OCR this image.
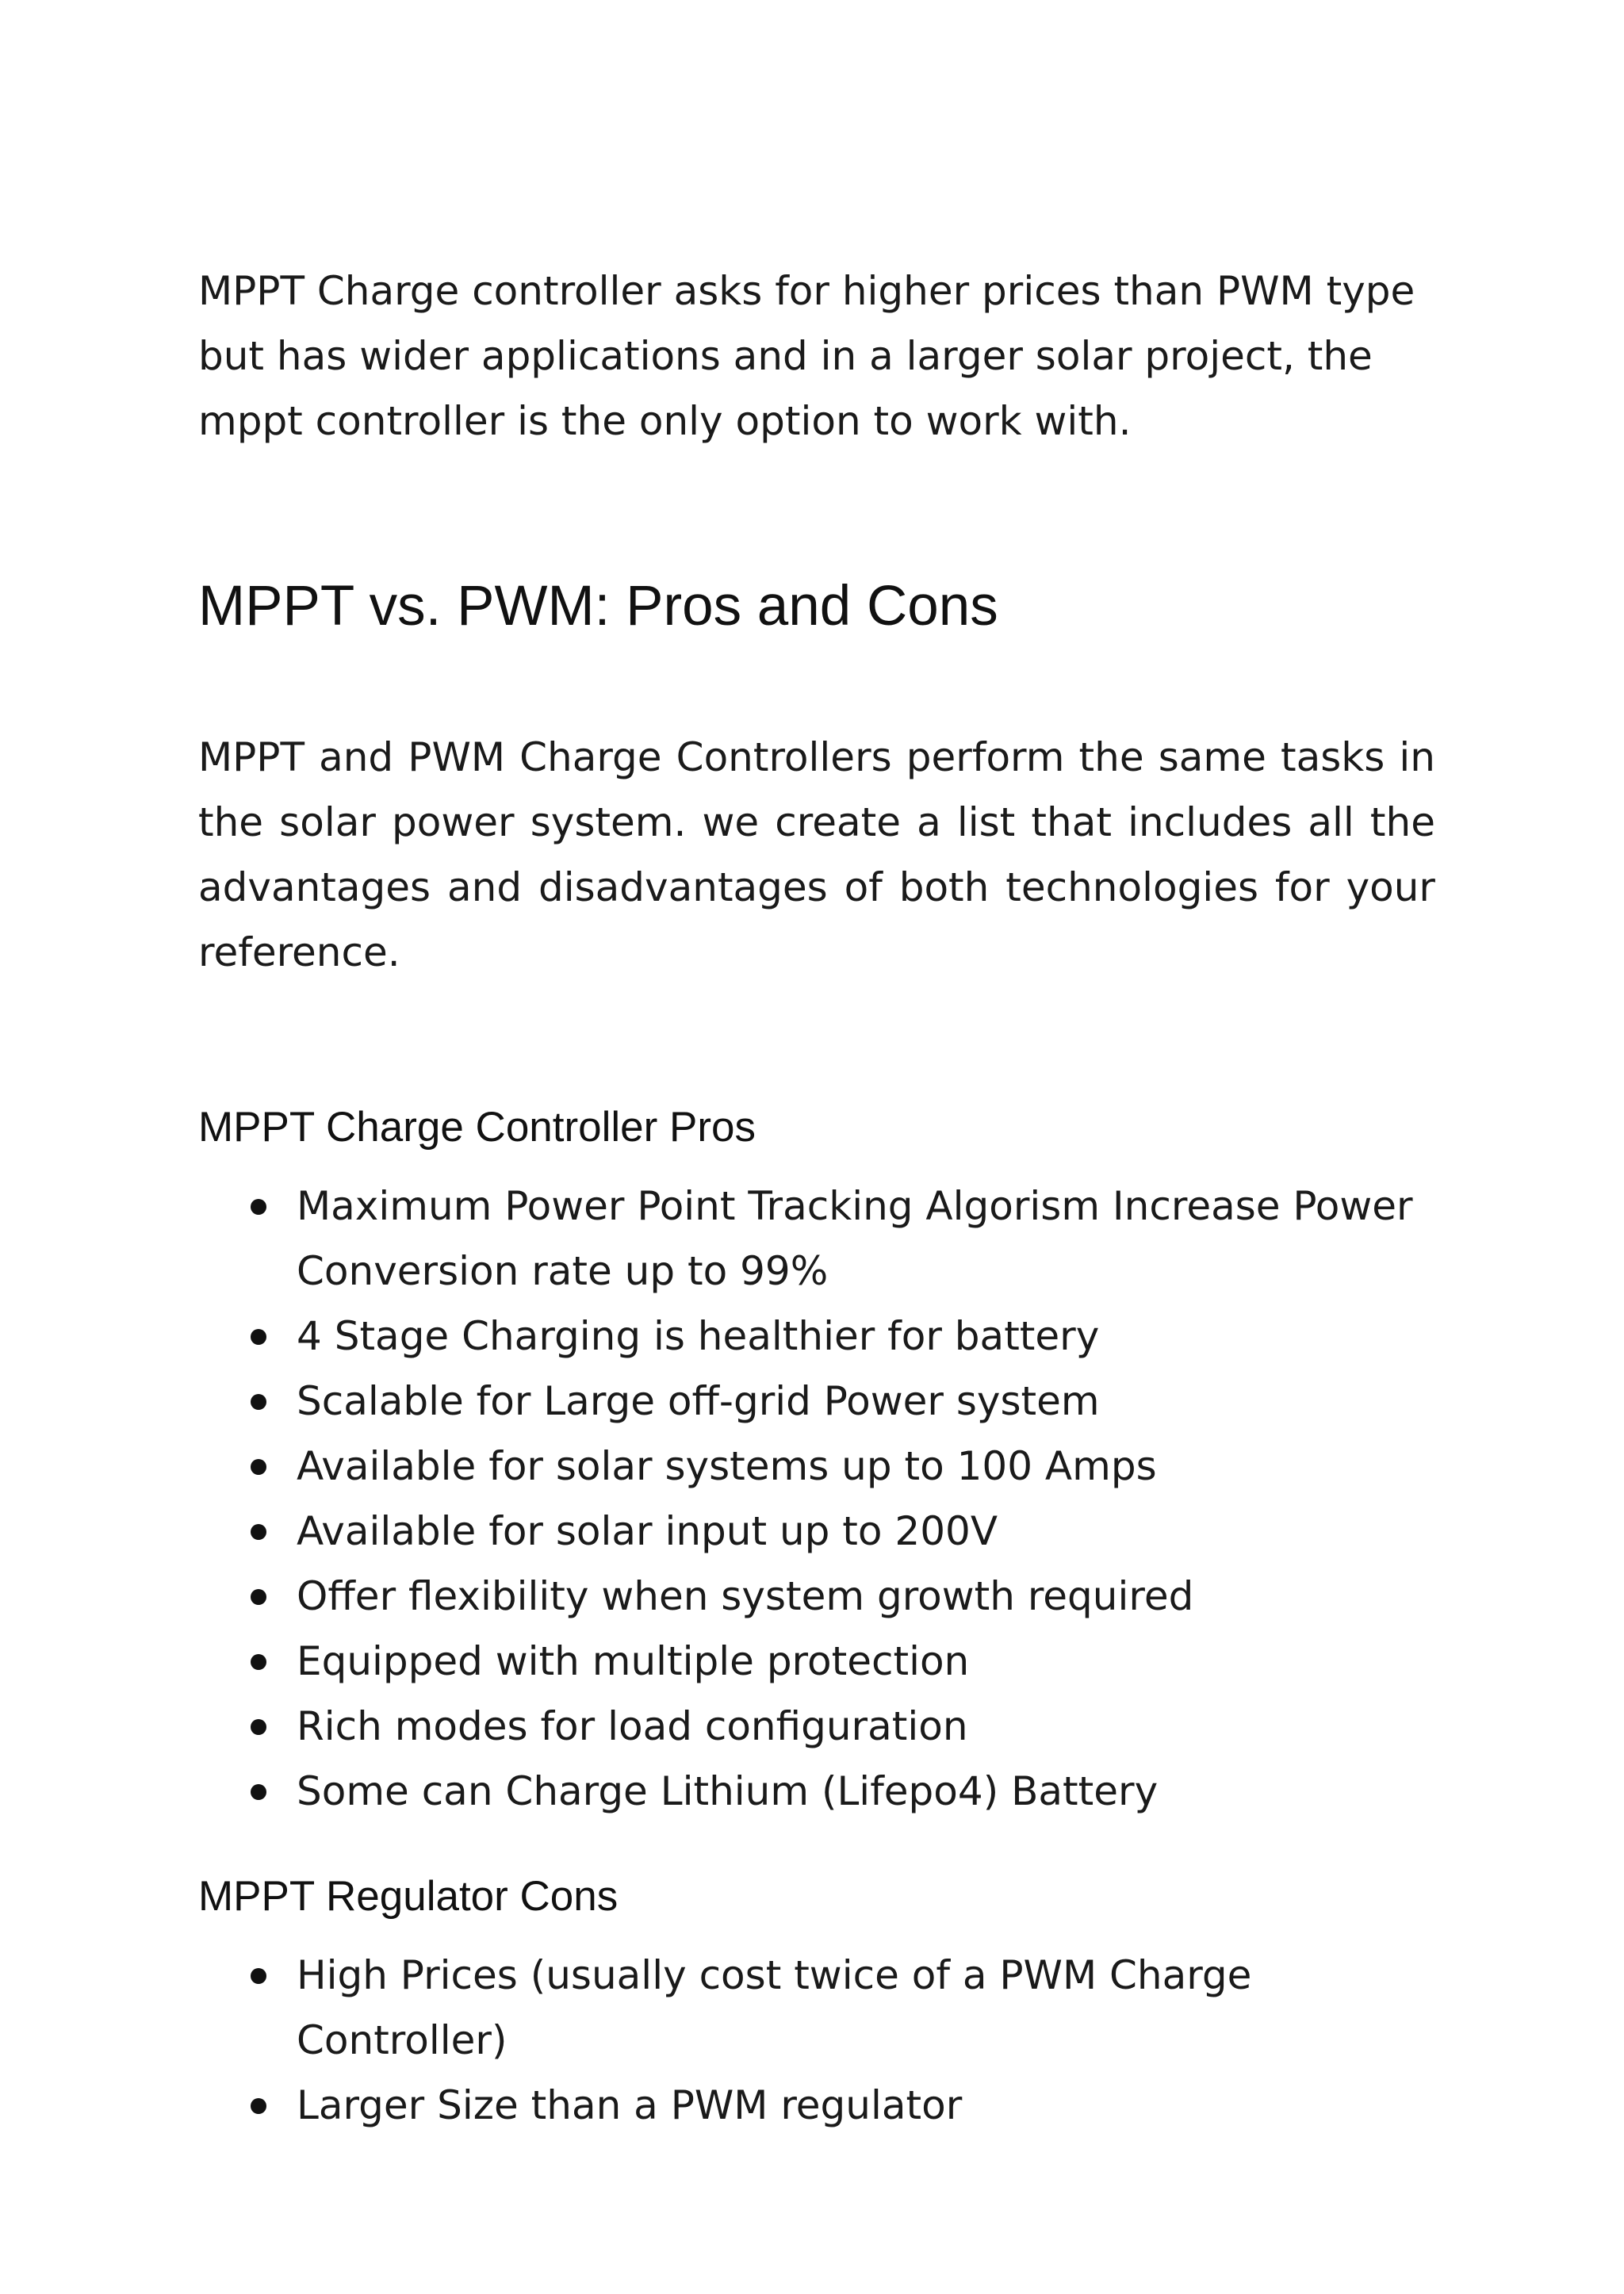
MPPT Charge controller asks for higher prices than PWM type but has wider applications and in a larger solar project, the mppt controller is the only option to work with.

MPPT vs. PWM: Pros and Cons

MPPT and PWM Charge Controllers perform the same tasks in the solar power system. we create a list that includes all the advantages and disadvantages of both technologies for your reference.

MPPT Charge Controller Pros
Maximum Power Point Tracking Algorism Increase Power Conversion rate up to 99%
4 Stage Charging is healthier for battery
Scalable for Large off-grid Power system
Available for solar systems up to 100 Amps
Available for solar input up to 200V
Offer flexibility when system growth required
Equipped with multiple protection
Rich modes for load configuration
Some can Charge Lithium (Lifepo4) Battery
MPPT Regulator Cons
High Prices (usually cost twice of a PWM Charge Controller)
Larger Size than a PWM regulator
